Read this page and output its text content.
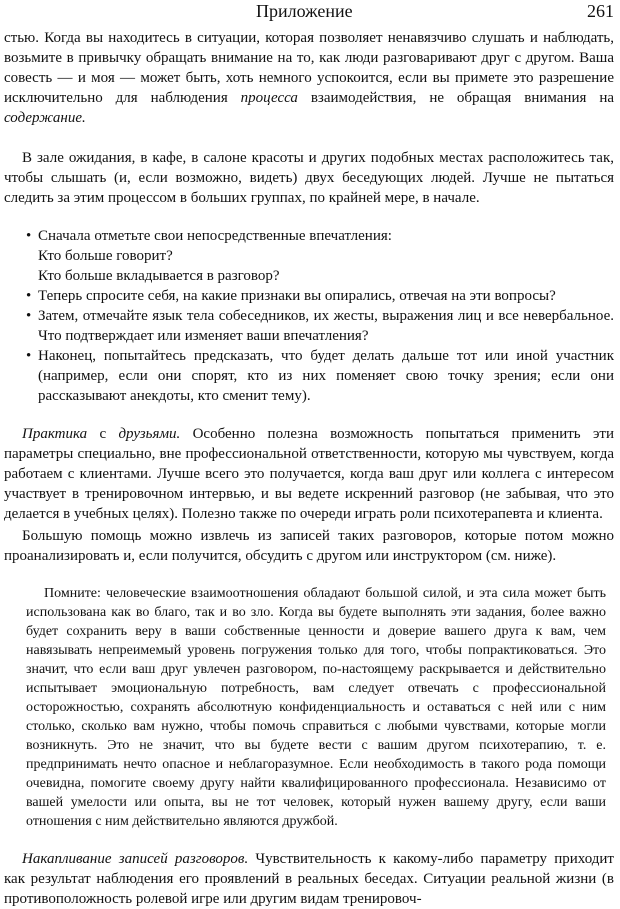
Приложение	261

стью. Когда вы находитесь в ситуации, которая позволяет ненавязчиво слушать и наблюдать, возьмите в привычку обращать внимание на то, как люди разговаривают друг с другом. Ваша совесть — и моя — может быть, хоть немного успокоится, если вы примете это разрешение исключительно для наблюдения процесса взаимодействия, не обращая внимания на содержание.

В зале ожидания, в кафе, в салоне красоты и других подобных местах расположитесь так, чтобы слышать (и, если возможно, видеть) двух беседующих людей. Лучше не пытаться следить за этим процессом в больших группах, по крайней мере, в начале.

• Сначала отметьте свои непосредственные впечатления:
Кто больше говорит?
Кто больше вкладывается в разговор?
• Теперь спросите себя, на какие признаки вы опирались, отвечая на эти вопросы?
• Затем, отмечайте язык тела собеседников, их жесты, выражения лиц и все невербальное. Что подтверждает или изменяет ваши впечатления?
• Наконец, попытайтесь предсказать, что будет делать дальше тот или иной участник (например, если они спорят, кто из них поменяет свою точку зрения; если они рассказывают анекдоты, кто сменит тему).

Практика с друзьями. Особенно полезна возможность попытаться применить эти параметры специально, вне профессиональной ответственности, которую мы чувствуем, когда работаем с клиентами. Лучше всего это получается, когда ваш друг или коллега с интересом участвует в тренировочном интервью, и вы ведете искренний разговор (не забывая, что это делается в учебных целях). Полезно также по очереди играть роли психотерапевта и клиента.

Большую помощь можно извлечь из записей таких разговоров, которые потом можно проанализировать и, если получится, обсудить с другом или инструктором (см. ниже).

Помните: человеческие взаимоотношения обладают большой силой, и эта сила может быть использована как во благо, так и во зло. Когда вы будете выполнять эти задания, более важно будет сохранить веру в ваши собственные ценности и доверие вашего друга к вам, чем навязывать непреимемый уровень погружения только для того, чтобы попрактиковаться. Это значит, что если ваш друг увлечен разговором, по-настоящему раскрывается и действительно испытывает эмоциональную потребность, вам следует отвечать с профессиональной осторожностью, сохранять абсолютную конфиденциальность и оставаться с ней или с ним столько, сколько вам нужно, чтобы помочь справиться с любыми чувствами, которые могли возникнуть. Это не значит, что вы будете вести с вашим другом психотерапию, т. е. предпринимать нечто опасное и неблагоразумное. Если необходимость в такого рода помощи очевидна, помогите своему другу найти квалифицированного профессионала. Независимо от вашей умелости или опыта, вы не тот человек, который нужен вашему другу, если ваши отношения с ним действительно являются дружбой.

Накапливание записей разговоров. Чувствительность к какому-либо параметру приходит как результат наблюдения его проявлений в реальных беседах. Ситуации реальной жизни (в противоположность ролевой игре или другим видам тренировоч-
